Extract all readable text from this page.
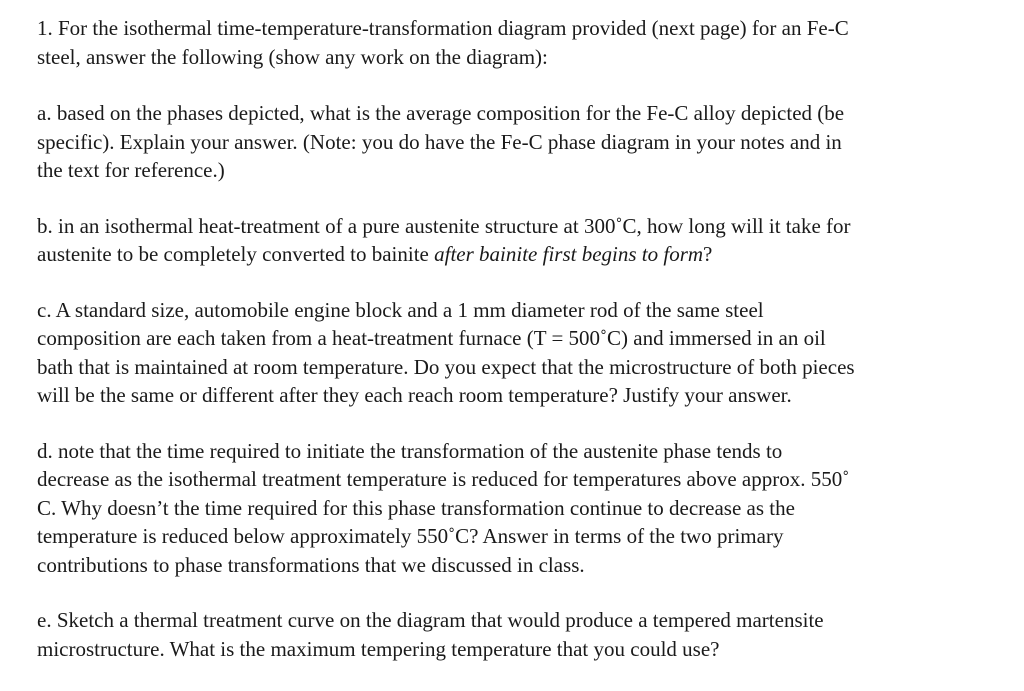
1. For the isothermal time-temperature-transformation diagram provided (next page) for an Fe-C
steel, answer the following (show any work on the diagram):

a. based on the phases depicted, what is the average composition for the Fe-C alloy depicted (be
specific). Explain your answer. (Note: you do have the Fe-C phase diagram in your notes and in
the text for reference.)

b. in an isothermal heat-treatment of a pure austenite structure at 300˚C, how long will it take for
austenite to be completely converted to bainite after bainite first begins to form?

c. A standard size, automobile engine block and a 1 mm diameter rod of the same steel
composition are each taken from a heat-treatment furnace (T = 500˚C) and immersed in an oil
bath that is maintained at room temperature. Do you expect that the microstructure of both pieces
will be the same or different after they each reach room temperature? Justify your answer.

d. note that the time required to initiate the transformation of the austenite phase tends to
decrease as the isothermal treatment temperature is reduced for temperatures above approx. 550˚
C. Why doesn’t the time required for this phase transformation continue to decrease as the
temperature is reduced below approximately 550˚C? Answer in terms of the two primary
contributions to phase transformations that we discussed in class.

e. Sketch a thermal treatment curve on the diagram that would produce a tempered martensite
microstructure. What is the maximum tempering temperature that you could use?
